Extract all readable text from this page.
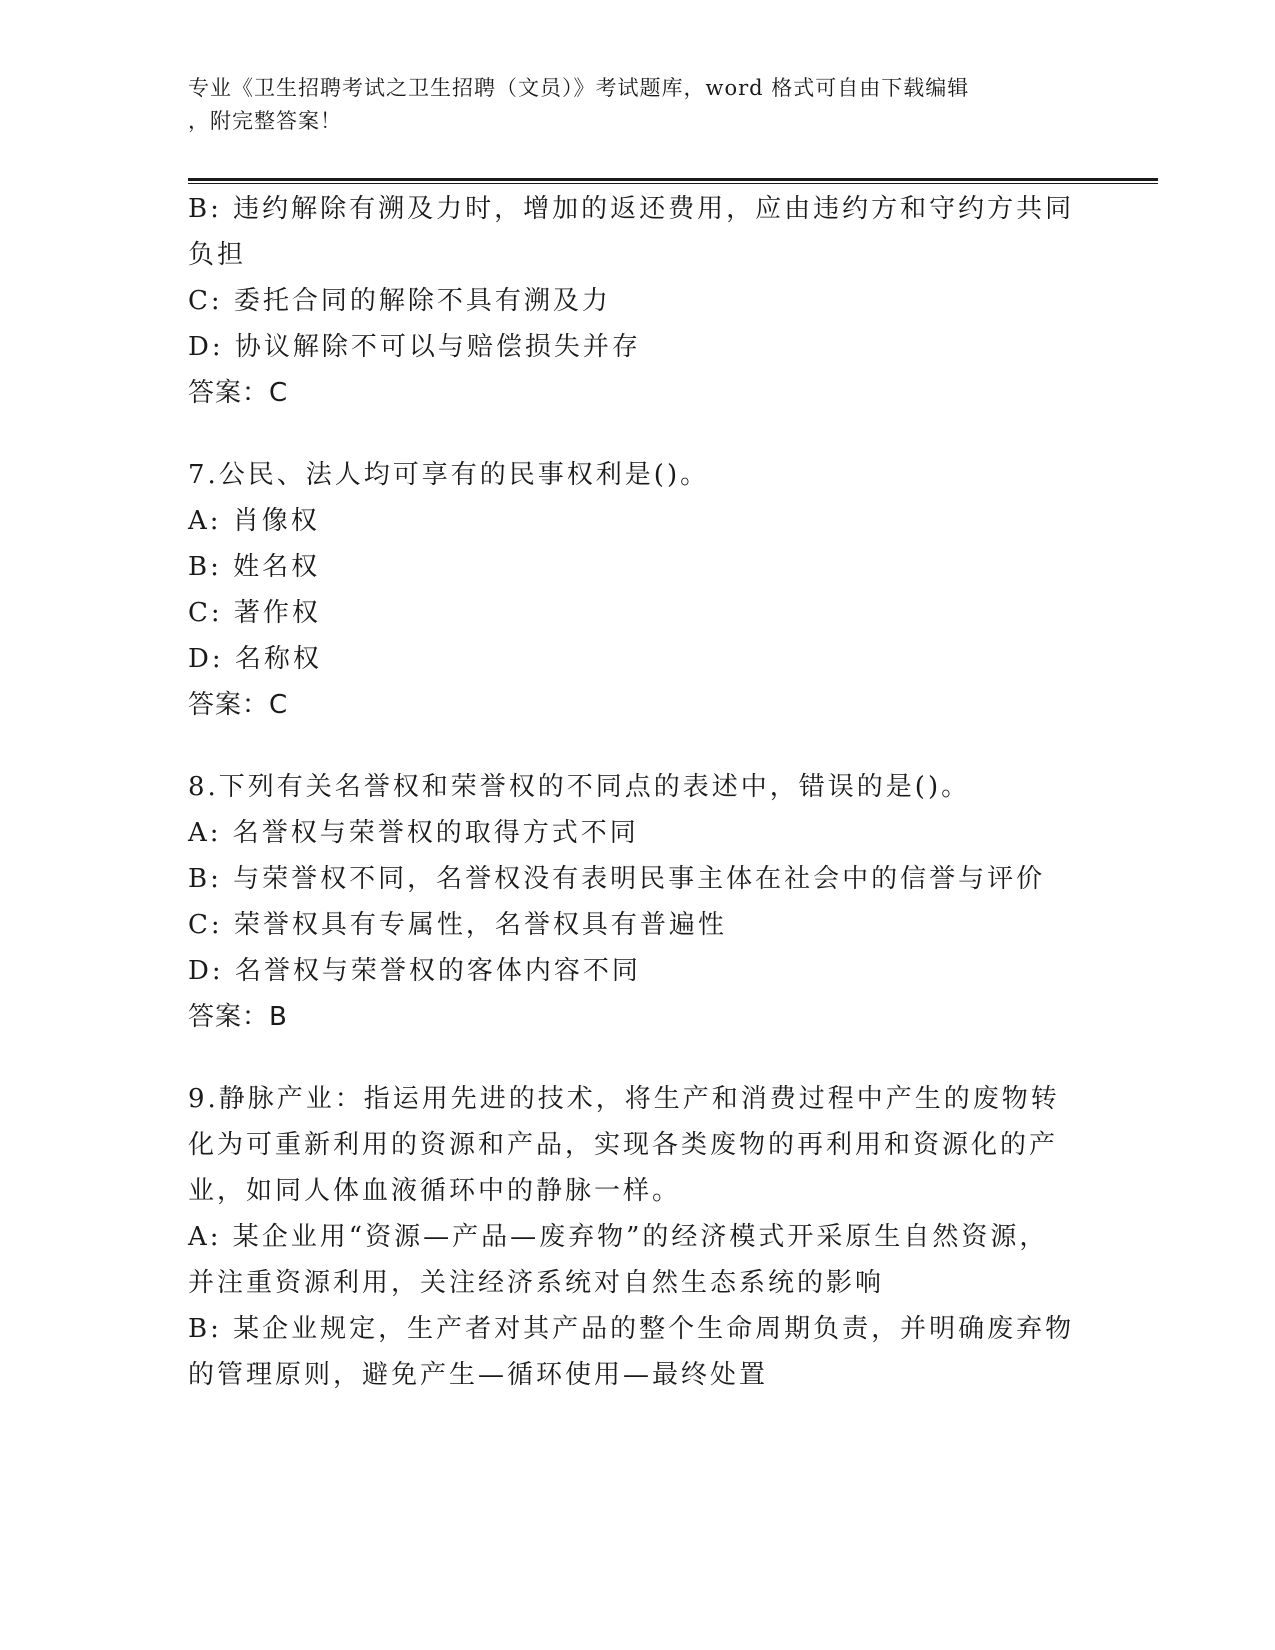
专业《卫生招聘考试之卫生招聘（文员）》考试题库，word 格式可自由下载编辑
，附完整答案！
B: 违约解除有溯及力时，增加的返还费用，应由违约方和守约方共同
负担
C: 委托合同的解除不具有溯及力
D: 协议解除不可以与赔偿损失并存
答案：C
7.公民、法人均可享有的民事权利是()。
A: 肖像权
B: 姓名权
C: 著作权
D: 名称权
答案：C
8.下列有关名誉权和荣誉权的不同点的表述中，错误的是()。
A: 名誉权与荣誉权的取得方式不同
B: 与荣誉权不同，名誉权没有表明民事主体在社会中的信誉与评价
C: 荣誉权具有专属性，名誉权具有普遍性
D: 名誉权与荣誉权的客体内容不同
答案：B
9.静脉产业：指运用先进的技术，将生产和消费过程中产生的废物转
化为可重新利用的资源和产品，实现各类废物的再利用和资源化的产
业，如同人体血液循环中的静脉一样。
A: 某企业用“资源—产品—废弃物”的经济模式开采原生自然资源，
并注重资源利用，关注经济系统对自然生态系统的影响
B: 某企业规定，生产者对其产品的整个生命周期负责，并明确废弃物
的管理原则，避免产生—循环使用—最终处置
